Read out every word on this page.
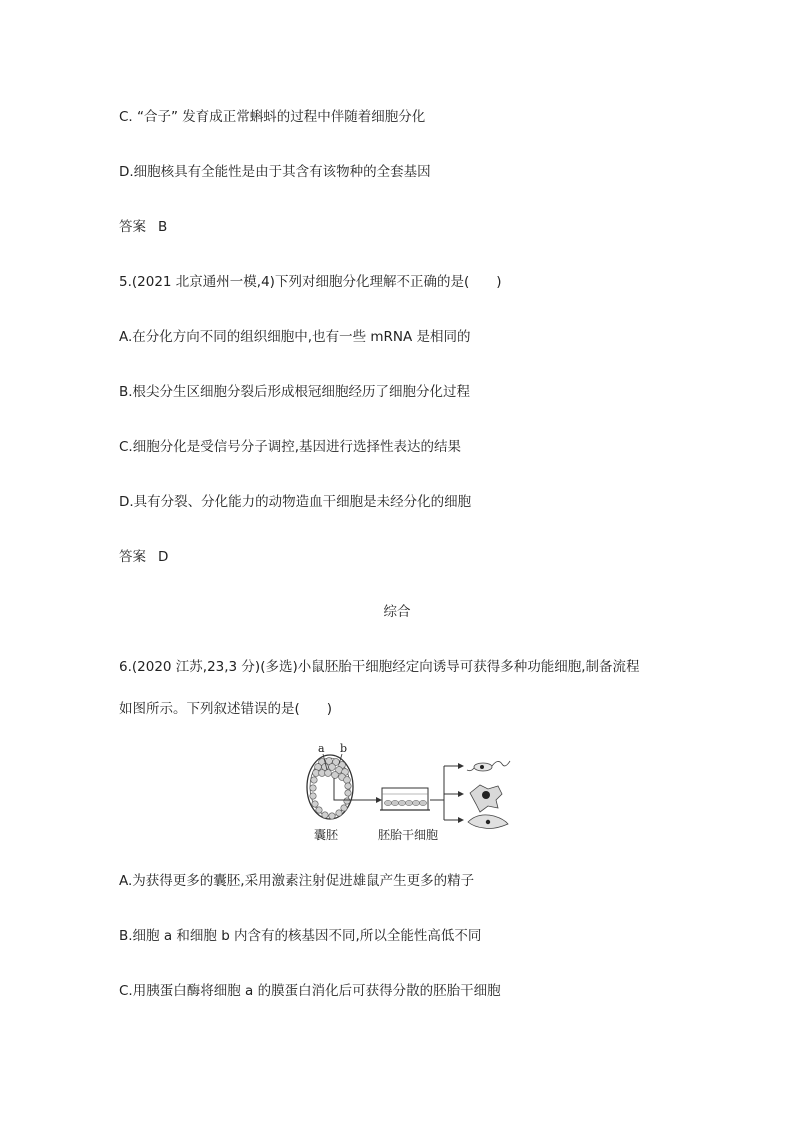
C. “合子” 发育成正常蝌蚪的过程中伴随着细胞分化
D.细胞核具有全能性是由于其含有该物种的全套基因
答案 B
5.(2021 北京通州一模,4)下列对细胞分化理解不正确的是(　　)
A.在分化方向不同的组织细胞中,也有一些 mRNA 是相同的
B.根尖分生区细胞分裂后形成根冠细胞经历了细胞分化过程
C.细胞分化是受信号分子调控,基因进行选择性表达的结果
D.具有分裂、分化能力的动物造血干细胞是未经分化的细胞
答案 D
综合
6.(2020 江苏,23,3 分)(多选)小鼠胚胎干细胞经定向诱导可获得多种功能细胞,制备流程
如图所示。下列叙述错误的是(　　)
a b
囊胚	胚胎干细胞
A.为获得更多的囊胚,采用激素注射促进雄鼠产生更多的精子
B.细胞 a 和细胞 b 内含有的核基因不同,所以全能性高低不同
C.用胰蛋白酶将细胞 a 的膜蛋白消化后可获得分散的胚胎干细胞
